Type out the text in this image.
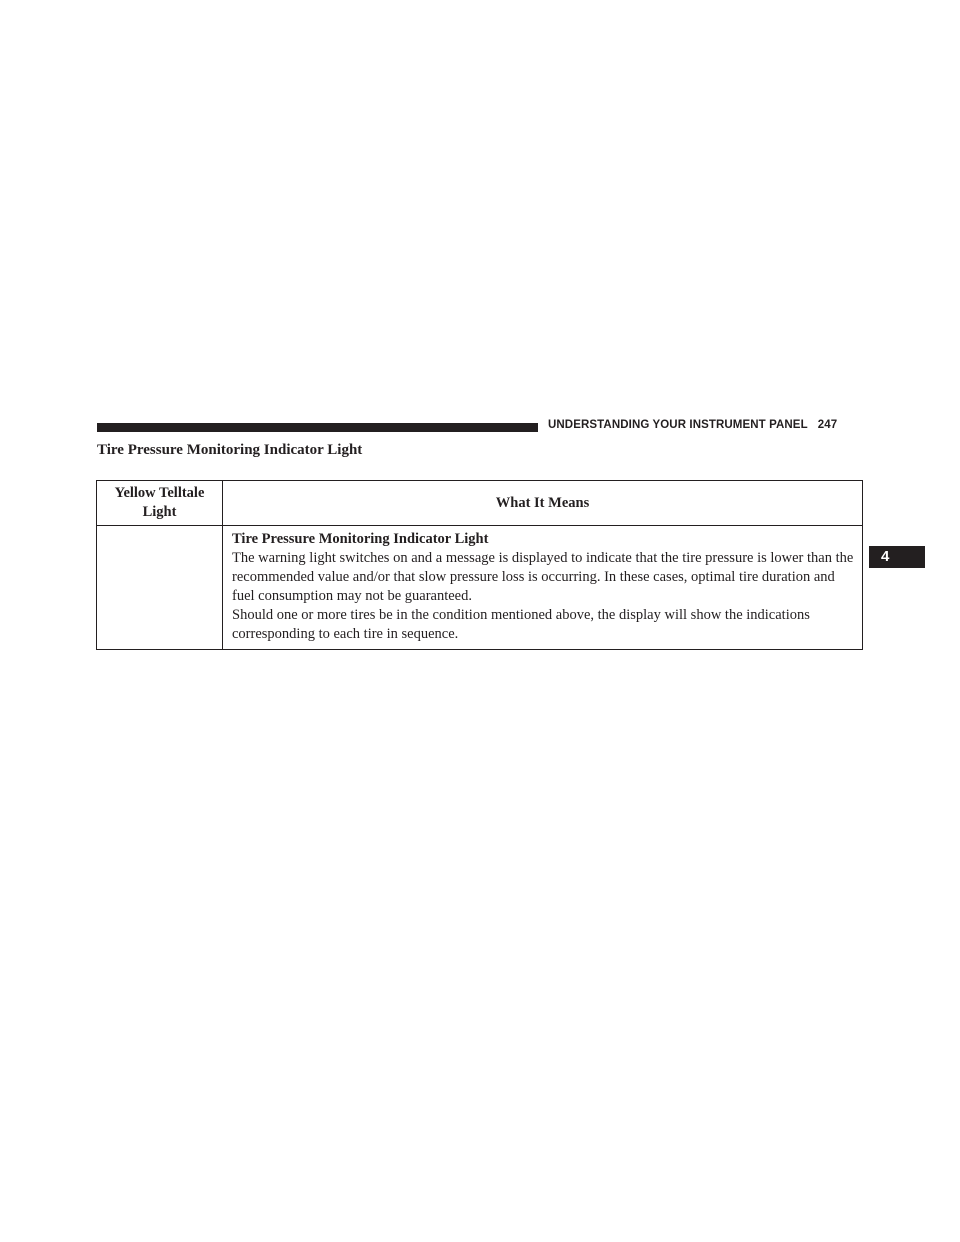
UNDERSTANDING YOUR INSTRUMENT PANEL 247
Tire Pressure Monitoring Indicator Light
4
Yellow Telltale Light	What It Means

	Tire Pressure Monitoring Indicator Light
The warning light switches on and a message is displayed to indicate that the tire pressure is lower than the recommended value and/or that slow pressure loss is occurring. In these cases, optimal tire duration and fuel consumption may not be guaranteed.
Should one or more tires be in the condition mentioned above, the display will show the indications corresponding to each tire in sequence.
